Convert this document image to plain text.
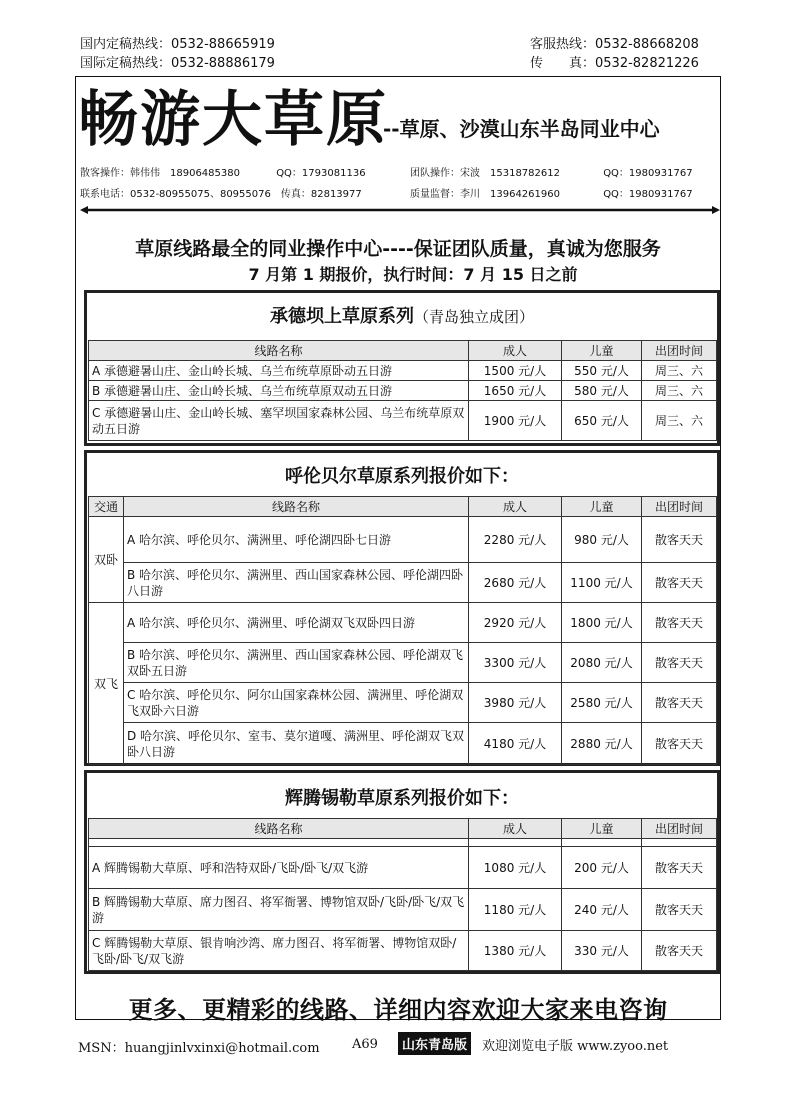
国内定稿热线：0532-88665919
国际定稿热线：0532-88886179
客服热线：0532-88668208
传　　真：0532-82821226
畅游大草原
--草原、沙漠山东半岛同业中心
散客操作：韩伟伟　18906485380	QQ：1793081136	团队操作：宋波　15318782612	QQ：1980931767
联系电话：0532-80955075、80955076　传真：82813977	质量监督：李川　13964261960	QQ：1980931767
草原线路最全的同业操作中心----保证团队质量，真诚为您服务
7 月第 1 期报价，执行时间：7 月 15 日之前
承德坝上草原系列（青岛独立成团）
线路名称	成人	儿童	出团时间
A 承德避暑山庄、金山岭长城、乌兰布统草原卧动五日游	1500 元/人	550 元/人	周三、六
B 承德避暑山庄、金山岭长城、乌兰布统草原双动五日游	1650 元/人	580 元/人	周三、六
C 承德避暑山庄、金山岭长城、塞罕坝国家森林公园、乌兰布统草原双动五日游	1900 元/人	650 元/人	周三、六
呼伦贝尔草原系列报价如下：
交通	线路名称	成人	儿童	出团时间
双卧	A 哈尔滨、呼伦贝尔、满洲里、呼伦湖四卧七日游	2280 元/人	980 元/人	散客天天
	B 哈尔滨、呼伦贝尔、满洲里、西山国家森林公园、呼伦湖四卧八日游	2680 元/人	1100 元/人	散客天天
双飞	A 哈尔滨、呼伦贝尔、满洲里、呼伦湖双飞双卧四日游	2920 元/人	1800 元/人	散客天天
	B 哈尔滨、呼伦贝尔、满洲里、西山国家森林公园、呼伦湖双飞双卧五日游	3300 元/人	2080 元/人	散客天天
	C 哈尔滨、呼伦贝尔、阿尔山国家森林公园、满洲里、呼伦湖双飞双卧六日游	3980 元/人	2580 元/人	散客天天
	D 哈尔滨、呼伦贝尔、室韦、莫尔道嘎、满洲里、呼伦湖双飞双卧八日游	4180 元/人	2880 元/人	散客天天
辉腾锡勒草原系列报价如下：
线路名称	成人	儿童	出团时间

A 辉腾锡勒大草原、呼和浩特双卧/飞卧/卧飞/双飞游	1080 元/人	200 元/人	散客天天
B 辉腾锡勒大草原、席力图召、将军衙署、博物馆双卧/飞卧/卧飞/双飞游	1180 元/人	240 元/人	散客天天
C 辉腾锡勒大草原、银肯响沙湾、席力图召、将军衙署、博物馆双卧/飞卧/卧飞/双飞游	1380 元/人	330 元/人	散客天天
更多、更精彩的线路、详细内容欢迎大家来电咨询
MSN：huangjinlvxinxi@hotmail.com A69	山东青岛版	欢迎浏览电子版 www.zyoo.net
